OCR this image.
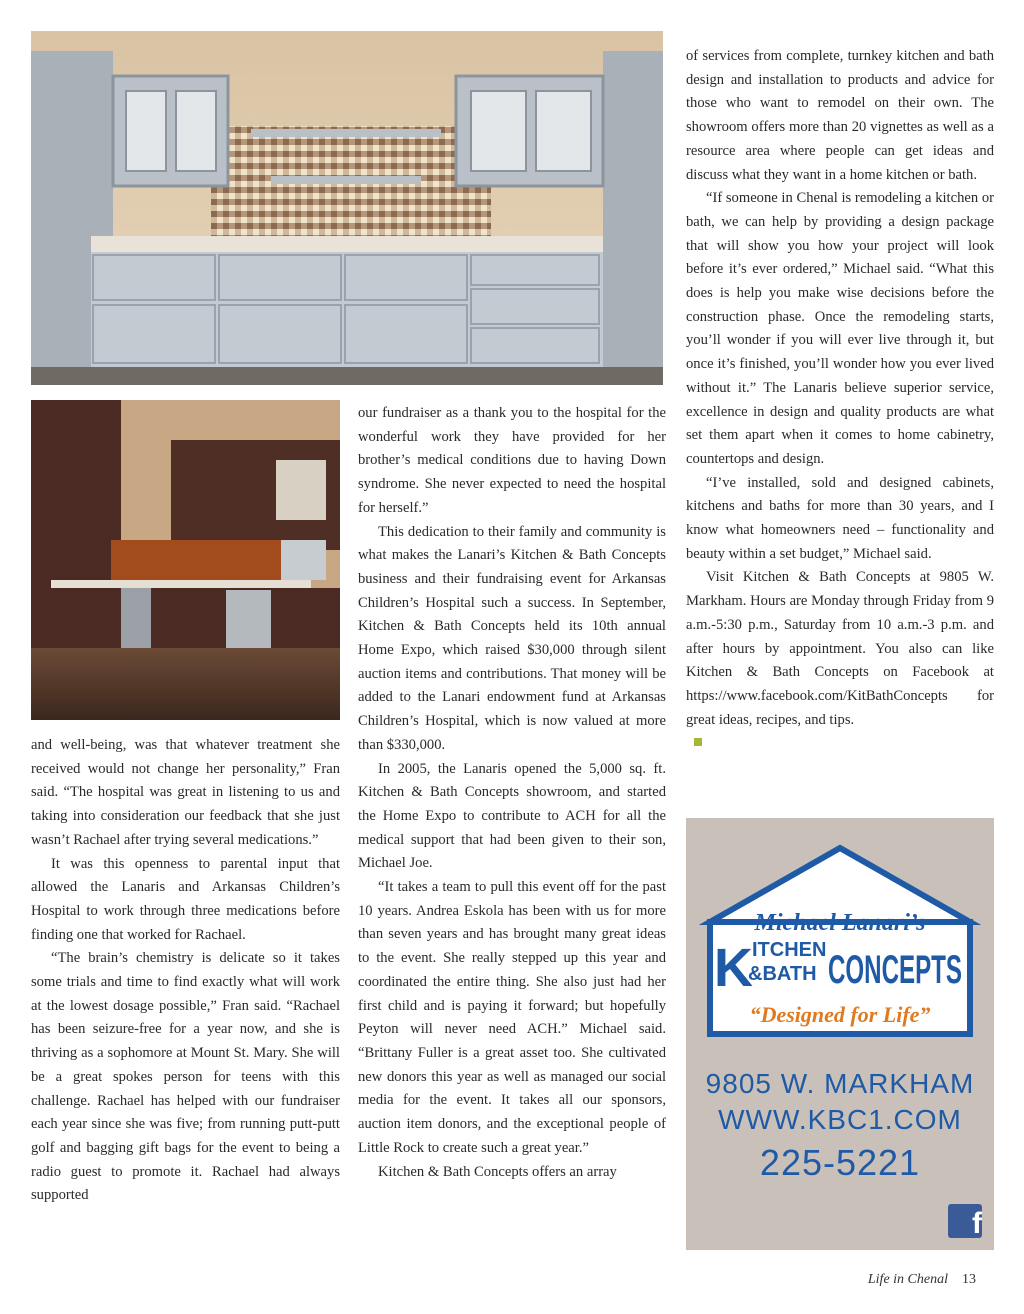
and well-being, was that whatever treatment she received would not change her personality,” Fran said. “The hospital was great in listening to us and taking into consideration our feedback that she just wasn’t Rachael after trying several medications.”

It was this openness to parental input that allowed the Lanaris and Arkansas Children’s Hospital to work through three medications before finding one that worked for Rachael.

“The brain’s chemistry is delicate so it takes some trials and time to find exactly what will work at the lowest dosage possible,” Fran said. “Rachael has been seizure-free for a year now, and she is thriving as a sophomore at Mount St. Mary. She will be a great spokes person for teens with this challenge. Rachael has helped with our fundraiser each year since she was five; from running putt-putt golf and bagging gift bags for the event to being a radio guest to promote it. Rachael had always supported

our fundraiser as a thank you to the hospital for the wonderful work they have provided for her brother’s medical conditions due to having Down syndrome. She never expected to need the hospital for herself.”

This dedication to their family and community is what makes the Lanari’s Kitchen & Bath Concepts business and their fundraising event for Arkansas Children’s Hospital such a success. In September, Kitchen & Bath Concepts held its 10th annual Home Expo, which raised $30,000 through silent auction items and contributions. That money will be added to the Lanari endowment fund at Arkansas Children’s Hospital, which is now valued at more than $330,000.

In 2005, the Lanaris opened the 5,000 sq. ft. Kitchen & Bath Concepts showroom, and started the Home Expo to contribute to ACH for all the medical support that had been given to their son, Michael Joe.

“It takes a team to pull this event off for the past 10 years. Andrea Eskola has been with us for more than seven years and has brought many great ideas to the event. She really stepped up this year and coordinated the entire thing. She also just had her first child and is paying it forward; but hopefully Peyton will never need ACH.” Michael said. “Brittany Fuller is a great asset too. She cultivated new donors this year as well as managed our social media for the event. It takes all our sponsors, auction item donors, and the exceptional people of Little Rock to create such a great year.”

Kitchen & Bath Concepts offers an array

of services from complete, turnkey kitchen and bath design and installation to products and advice for those who want to remodel on their own. The showroom offers more than 20 vignettes as well as a resource area where people can get ideas and discuss what they want in a home kitchen or bath.

“If someone in Chenal is remodeling a kitchen or bath, we can help by providing a design package that will show you how your project will look before it’s ever ordered,” Michael said. “What this does is help you make wise decisions before the construction phase. Once the remodeling starts, you’ll wonder if you will ever live through it, but once it’s finished, you’ll wonder how you ever lived without it.” The Lanaris believe superior service, excellence in design and quality products are what set them apart when it comes to home cabinetry, countertops and design.

“I’ve installed, sold and designed cabinets, kitchens and baths for more than 30 years, and I know what homeowners need – functionality and beauty within a set budget,” Michael said.

Visit Kitchen & Bath Concepts at 9805 W. Markham. Hours are Monday through Friday from 9 a.m.-5:30 p.m., Saturday from 10 a.m.-3 p.m. and after hours by appointment. You also can like Kitchen & Bath Concepts on Facebook at https://www.facebook.com/KitBathConcepts for great ideas, recipes, and tips.

Michael Lanari’s
K ITCHEN
&BATH CONCEPTS
“Designed for Life”
9805 W. MARKHAM
WWW.KBC1.COM
225-5221
f
Life in Chenal 13
